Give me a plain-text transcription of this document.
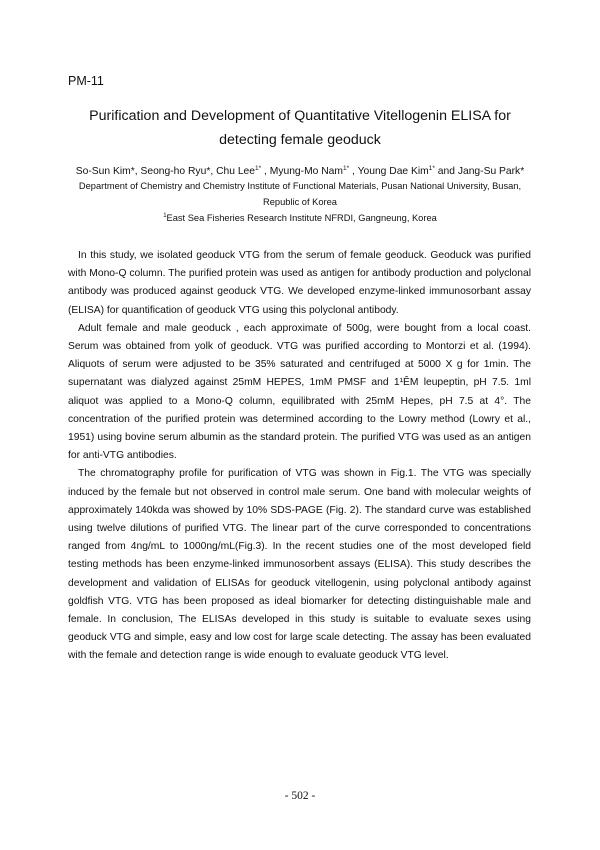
PM-11
Purification and Development of Quantitative Vitellogenin ELISA for detecting female geoduck
So-Sun Kim*, Seong-ho Ryu*, Chu Lee$^{1*}$ , Myung-Mo Nam$^{1*}$ , Young Dae Kim$^{1*}$ and Jang-Su Park*
Department of Chemistry and Chemistry Institute of Functional Materials, Pusan National University, Busan, Republic of Korea
$^1$East Sea Fisheries Research Institute NFRDI, Gangneung, Korea

In this study, we isolated geoduck VTG from the serum of female geoduck. Geoduck was purified with Mono-Q column. The purified protein was used as antigen for antibody production and polyclonal antibody was produced against geoduck VTG. We developed enzyme-linked immunosorbant assay (ELISA) for quantification of geoduck VTG using this polyclonal antibody.

Adult female and male geoduck , each approximate of 500g, were bought from a local coast. Serum was obtained from yolk of geoduck. VTG was purified according to Montorzi et al. (1994). Aliquots of serum were adjusted to be 35% saturated and centrifuged at 5000 X g for 1min. The supernatant was dialyzed against 25mM HEPES, 1mM PMSF and 1¹ÊM leupeptin, pH 7.5. 1ml aliquot was applied to a Mono-Q column, equilibrated with 25mM Hepes, pH 7.5 at 4°. The concentration of the purified protein was determined according to the Lowry method (Lowry et al., 1951) using bovine serum albumin as the standard protein. The purified VTG was used as an antigen for anti-VTG antibodies.

The chromatography profile for purification of VTG was shown in Fig.1. The VTG was specially induced by the female but not observed in control male serum. One band with molecular weights of approximately 140kda was showed by 10% SDS-PAGE (Fig. 2). The standard curve was established using twelve dilutions of purified VTG. The linear part of the curve corresponded to concentrations ranged from 4ng/mL to 1000ng/mL(Fig.3). In the recent studies one of the most developed field testing methods has been enzyme-linked immunosorbent assays (ELISA). This study describes the development and validation of ELISAs for geoduck vitellogenin, using polyclonal antibody against goldfish VTG. VTG has been proposed as ideal biomarker for detecting distinguishable male and female. In conclusion, The ELISAs developed in this study is suitable to evaluate sexes using geoduck VTG and simple, easy and low cost for large scale detecting. The assay has been evaluated with the female and detection range is wide enough to evaluate geoduck VTG level.

- 502 -
